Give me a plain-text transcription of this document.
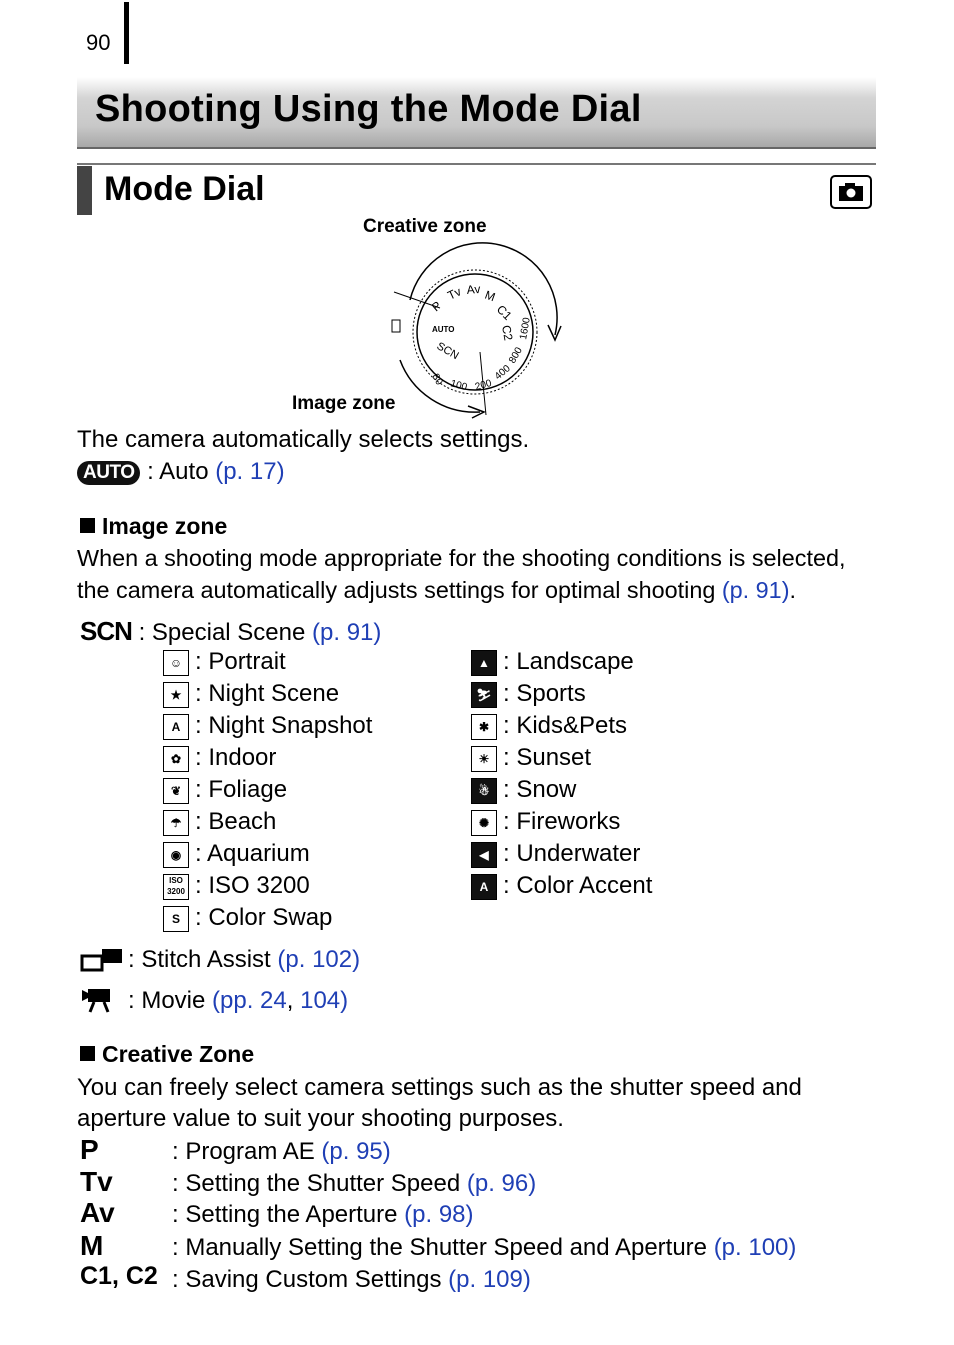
90
Shooting Using the Mode Dial
Mode Dial
Creative zone
Image zone
P
Tv Av M
C1
C2
AUTO
SCN
80 100 200
400
800
1600
The camera automatically selects settings.
AUTO : Auto (p. 17)
Image zone
When a shooting mode appropriate for the shooting conditions is selected,
the camera automatically adjusts settings for optimal shooting (p. 91).
SCN : Special Scene (p. 91)
☺ : Portrait
★ : Night Scene
A : Night Snapshot
✿ : Indoor
❦ : Foliage
☂ : Beach
◉ : Aquarium
ISO
3200 : ISO 3200
S : Color Swap
▲ : Landscape
⛷ : Sports
✱ : Kids&Pets
☀ : Sunset
☃ : Snow
✺ : Fireworks
◀ : Underwater
A : Color Accent
: Stitch Assist (p. 102)
: Movie (pp. 24, 104)
Creative Zone
You can freely select camera settings such as the shutter speed and
aperture value to suit your shooting purposes.
P	: Program AE (p. 95)
Tv : Setting the Shutter Speed (p. 96)
Av : Setting the Aperture (p. 98)
M	: Manually Setting the Shutter Speed and Aperture (p. 100)
C1, C2 : Saving Custom Settings (p. 109)
